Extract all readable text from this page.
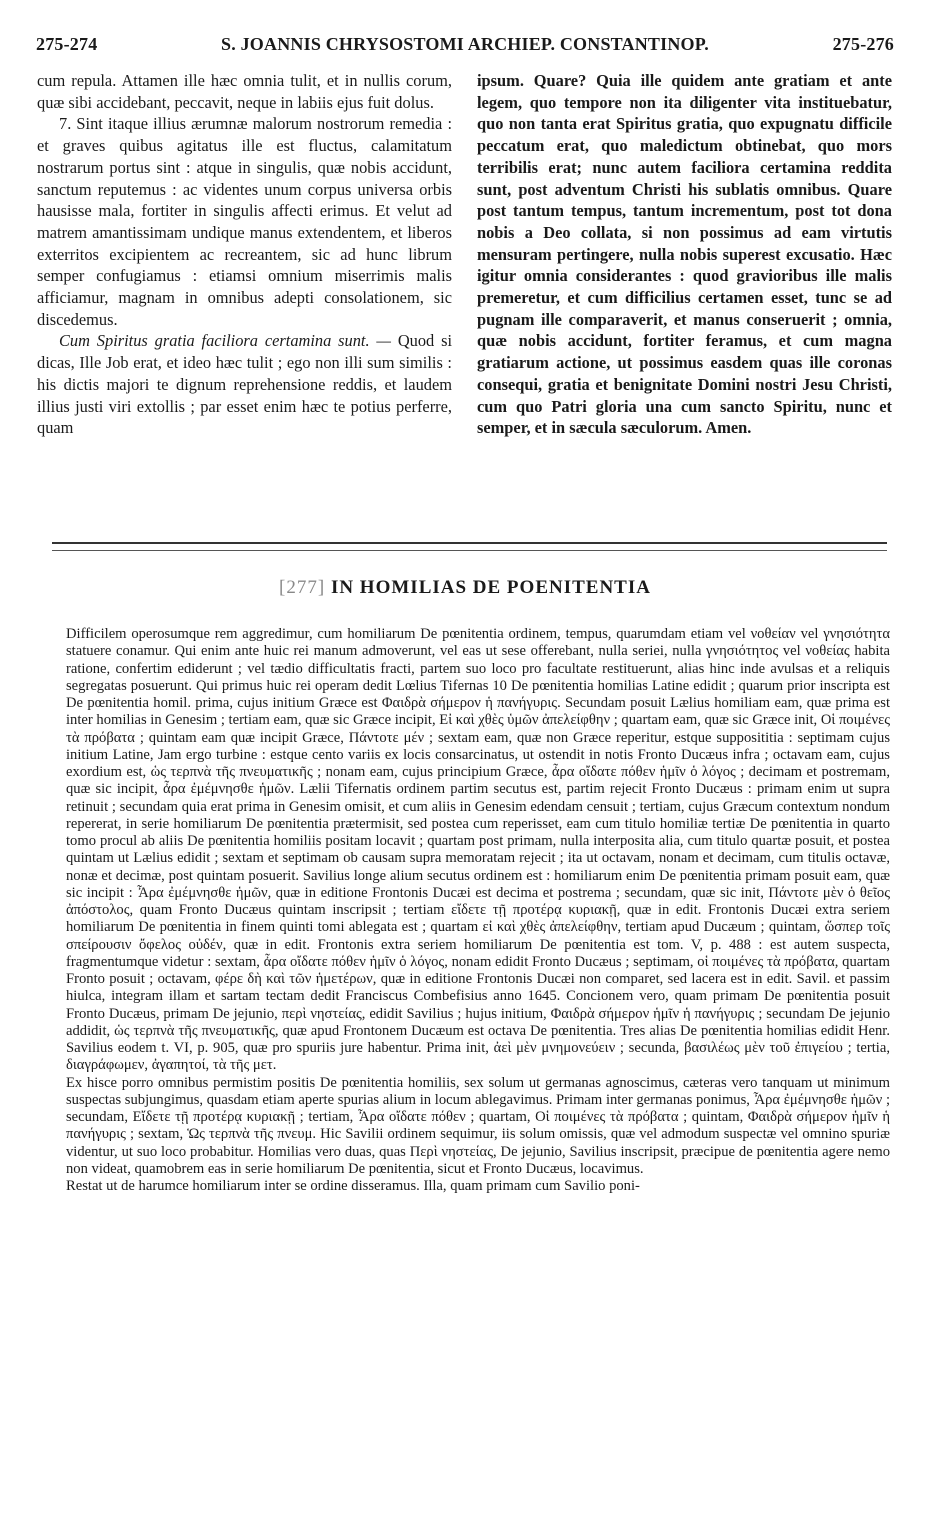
275-274	S. JOANNIS CHRYSOSTOMI ARCHIEP. CONSTANTINOP.	275-276

cum repula. Attamen ille hæc omnia tulit, et in nullis corum, quæ sibi accidebant, peccavit, neque in labiis ejus fuit dolus.

7. Sint itaque illius ærumnæ malorum nostrorum remedia : et graves quibus agitatus ille est fluctus, calamitatum nostrarum portus sint : atque in singulis, quæ nobis accidunt, sanctum reputemus : ac videntes unum corpus universa orbis hausisse mala, fortiter in singulis affecti erimus. Et velut ad matrem amantissimam undique manus extendentem, et liberos exterritos excipientem ac recreantem, sic ad hunc librum semper confugiamus : etiamsi omnium miserrimis malis afficiamur, magnam in omnibus adepti consolationem, sic discedemus.

Cum Spiritus gratia faciliora certamina sunt. — Quod si dicas, Ille Job erat, et ideo hæc tulit ; ego non illi sum similis : his dictis majori te dignum reprehensione reddis, et laudem illius justi viri extollis ; par esset enim hæc te potius perferre, quam

ipsum. Quare? Quia ille quidem ante gratiam et ante legem, quo tempore non ita diligenter vita instituebatur, quo non tanta erat Spiritus gratia, quo expugnatu difficile peccatum erat, quo maledictum obtinebat, quo mors terribilis erat; nunc autem faciliora certamina reddita sunt, post adventum Christi his sublatis omnibus. Quare post tantum tempus, tantum incrementum, post tot dona nobis a Deo collata, si non possimus ad eam virtutis mensuram pertingere, nulla nobis superest excusatio. Hæc igitur omnia considerantes : quod gravioribus ille malis premeretur, et cum difficilius certamen esset, tunc se ad pugnam ille comparaverit, et manus conseruerit ; omnia, quæ nobis accidunt, fortiter feramus, et cum magna gratiarum actione, ut possimus easdem quas ille coronas consequi, gratia et benignitate Domini nostri Jesu Christi, cum quo Patri gloria una cum sancto Spiritu, nunc et semper, et in sæcula sæculorum. Amen.

[277] IN HOMILIAS DE POENITENTIA

Difficilem operosumque rem aggredimur, cum homiliarum De pœnitentia ordinem, tempus, quarumdam etiam vel νοθείαν vel γνησιότητα statuere conamur. Qui enim ante huic rei manum admoverunt, vel eas ut sese offerebant, nulla seriei, nulla γνησιότητος vel νοθείας habita ratione, confertim ediderunt ; vel tædio difficultatis fracti, partem suo loco pro facultate restituerunt, alias hinc inde avulsas et a reliquis segregatas posuerunt. Qui primus huic rei operam dedit Lœlius Tifernas 10 De pœnitentia homilias Latine edidit ; quarum prior inscripta est De pœnitentia homil. prima, cujus initium Græce est Φαιδρὰ σήμερον ἡ πανήγυρις. Secundam posuit Lælius homiliam eam, quæ prima est inter homilias in Genesim ; tertiam eam, quæ sic Græce incipit, Εἰ καὶ χθὲς ὑμῶν ἀπελείφθην ; quartam eam, quæ sic Græce init, Οἱ ποιμένες τὰ πρόβατα ; quintam eam quæ incipit Græce, Πάντοτε μέν ; sextam eam, quæ non Græce reperitur, estque supposititia : septimam cujus initium Latine, Jam ergo turbine : estque cento variis ex locis consarcinatus, ut ostendit in notis Fronto Ducæus infra ; octavam eam, cujus exordium est, ὡς τερπνὰ τῆς πνευματικῆς ; nonam eam, cujus principium Græce, ἆρα οἴδατε πόθεν ἡμῖν ὁ λόγος ; decimam et postremam, quæ sic incipit, ἆρα ἐμέμνησθε ἡμῶν. Lælii Tifernatis ordinem partim secutus est, partim rejecit Fronto Ducæus : primam enim ut supra retinuit ; secundam quia erat prima in Genesim omisit, et cum aliis in Genesim edendam censuit ; tertiam, cujus Græcum contextum nondum repererat, in serie homiliarum De pœnitentia prætermisit, sed postea cum reperisset, eam cum titulo homiliæ tertiæ De pœnitentia in quarto tomo procul ab aliis De pœnitentia homiliis positam locavit ; quartam post primam, nulla interposita alia, cum titulo quartæ posuit, et postea quintam ut Lælius edidit ; sextam et septimam ob causam supra memoratam rejecit ; ita ut octavam, nonam et decimam, cum titulis octavæ, nonæ et decimæ, post quintam posuerit. Savilius longe alium secutus ordinem est : homiliarum enim De pœnitentia primam posuit eam, quæ sic incipit : Ἆρα ἐμέμνησθε ἡμῶν, quæ in editione Frontonis Ducæi est decima et postrema ; secundam, quæ sic init, Πάντοτε μὲν ὁ θεῖος ἀπόστολος, quam Fronto Ducæus quintam inscripsit ; tertiam εἴδετε τῇ προτέρᾳ κυριακῇ, quæ in edit. Frontonis Ducæi extra seriem homiliarum De pœnitentia in finem quinti tomi ablegata est ; quartam εἰ καὶ χθὲς ἀπελείφθην, tertiam apud Ducæum ; quintam, ὥσπερ τοῖς σπείρουσιν ὄφελος οὐδέν, quæ in edit. Frontonis extra seriem homiliarum De pœnitentia est tom. V, p. 488 : est autem suspecta, fragmentumque videtur : sextam, ἆρα οἴδατε πόθεν ἡμῖν ὁ λόγος, nonam edidit Fronto Ducæus ; septimam, οἱ ποιμένες τὰ πρόβατα, quartam Fronto posuit ; octavam, φέρε δὴ καὶ τῶν ἡμετέρων, quæ in editione Frontonis Ducæi non comparet, sed lacera est in edit. Savil. et passim hiulca, integram illam et sartam tectam dedit Franciscus Combefisius anno 1645. Concionem vero, quam primam De pœnitentia posuit Fronto Ducæus, primam De jejunio, περὶ νηστείας, edidit Savilius ; hujus initium, Φαιδρὰ σήμερον ἡμῖν ἡ πανήγυρις ; secundam De jejunio addidit, ὡς τερπνὰ τῆς πνευματικῆς, quæ apud Frontonem Ducæum est octava De pœnitentia. Tres alias De pœnitentia homilias edidit Henr. Savilius eodem t. VI, p. 905, quæ pro spuriis jure habentur. Prima init, ἀεὶ μὲν μνημονεύειν ; secunda, βασιλέως μὲν τοῦ ἐπιγείου ; tertia, διαγράφωμεν, ἀγαπητοί, τὰ τῆς μετ.

Ex hisce porro omnibus permistim positis De pœnitentia homiliis, sex solum ut germanas agnoscimus, cæteras vero tanquam ut minimum suspectas subjungimus, quasdam etiam aperte spurias alium in locum ablegavimus. Primam inter germanas ponimus, Ἆρα ἐμέμνησθε ἡμῶν ; secundam, Εἴδετε τῇ προτέρᾳ κυριακῇ ; tertiam, Ἆρα οἴδατε πόθεν ; quartam, Οἱ ποιμένες τὰ πρόβατα ; quintam, Φαιδρὰ σήμερον ἡμῖν ἡ πανήγυρις ; sextam, Ὡς τερπνὰ τῆς πνευμ. Hic Savilii ordinem sequimur, iis solum omissis, quæ vel admodum suspectæ vel omnino spuriæ videntur, ut suo loco probabitur. Homilias vero duas, quas Περὶ νηστείας, De jejunio, Savilius inscripsit, præcipue de pœnitentia agere nemo non videat, quamobrem eas in serie homiliarum De pœnitentia, sicut et Fronto Ducæus, locavimus.

Restat ut de harumce homiliarum inter se ordine disseramus. Illa, quam primam cum Savilio poni-
